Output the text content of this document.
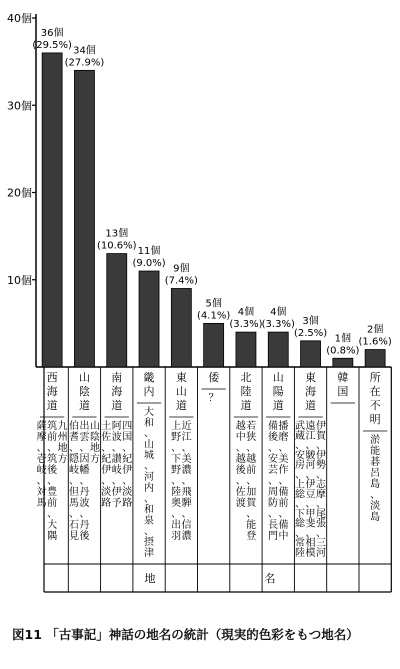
10個
20個
30個
40個
36個
(29.5%) 34個
(27.9%)
13個
(10.6%) 11個
(9.0%) 9個
(7.4%)
5個
(4.1%) 4個
(3.3%)
4個
(3.3%) 3個
(2.5%) 1個
(0.8%)
2個
(1.6%)
西海道
九州地方
筑前、筑後、豊前、大隅
薩摩、壱岐、対馬
山陰道
山陰地方
出雲、因幡、丹波、丹後
伯耆、隠岐、但馬、石見
南海道
四国、紀伊、淡路
阿波、讃岐、伊予
土佐、紀伊、淡路
畿内
大和、山城、河内、和泉、摂津
東山道
近江、美濃、飛騨、信濃
上野、下野、陸奥、出羽
倭
？
北陸道
若狭、越前、加賀、能登
越中、越後、佐渡
山陽道
播磨、美作、備前、備中
備後、安芸、周防、長門
東海道
伊賀、伊勢、志摩、尾張、三河
遠江、駿河、伊豆、甲斐、相模
武蔵、安房、上総、下総、常陸
韓国
所在不明
淤能碁呂島、淡島
地	名
図11 「古事記」神話の地名の統計（現実的色彩をもつ地名）
